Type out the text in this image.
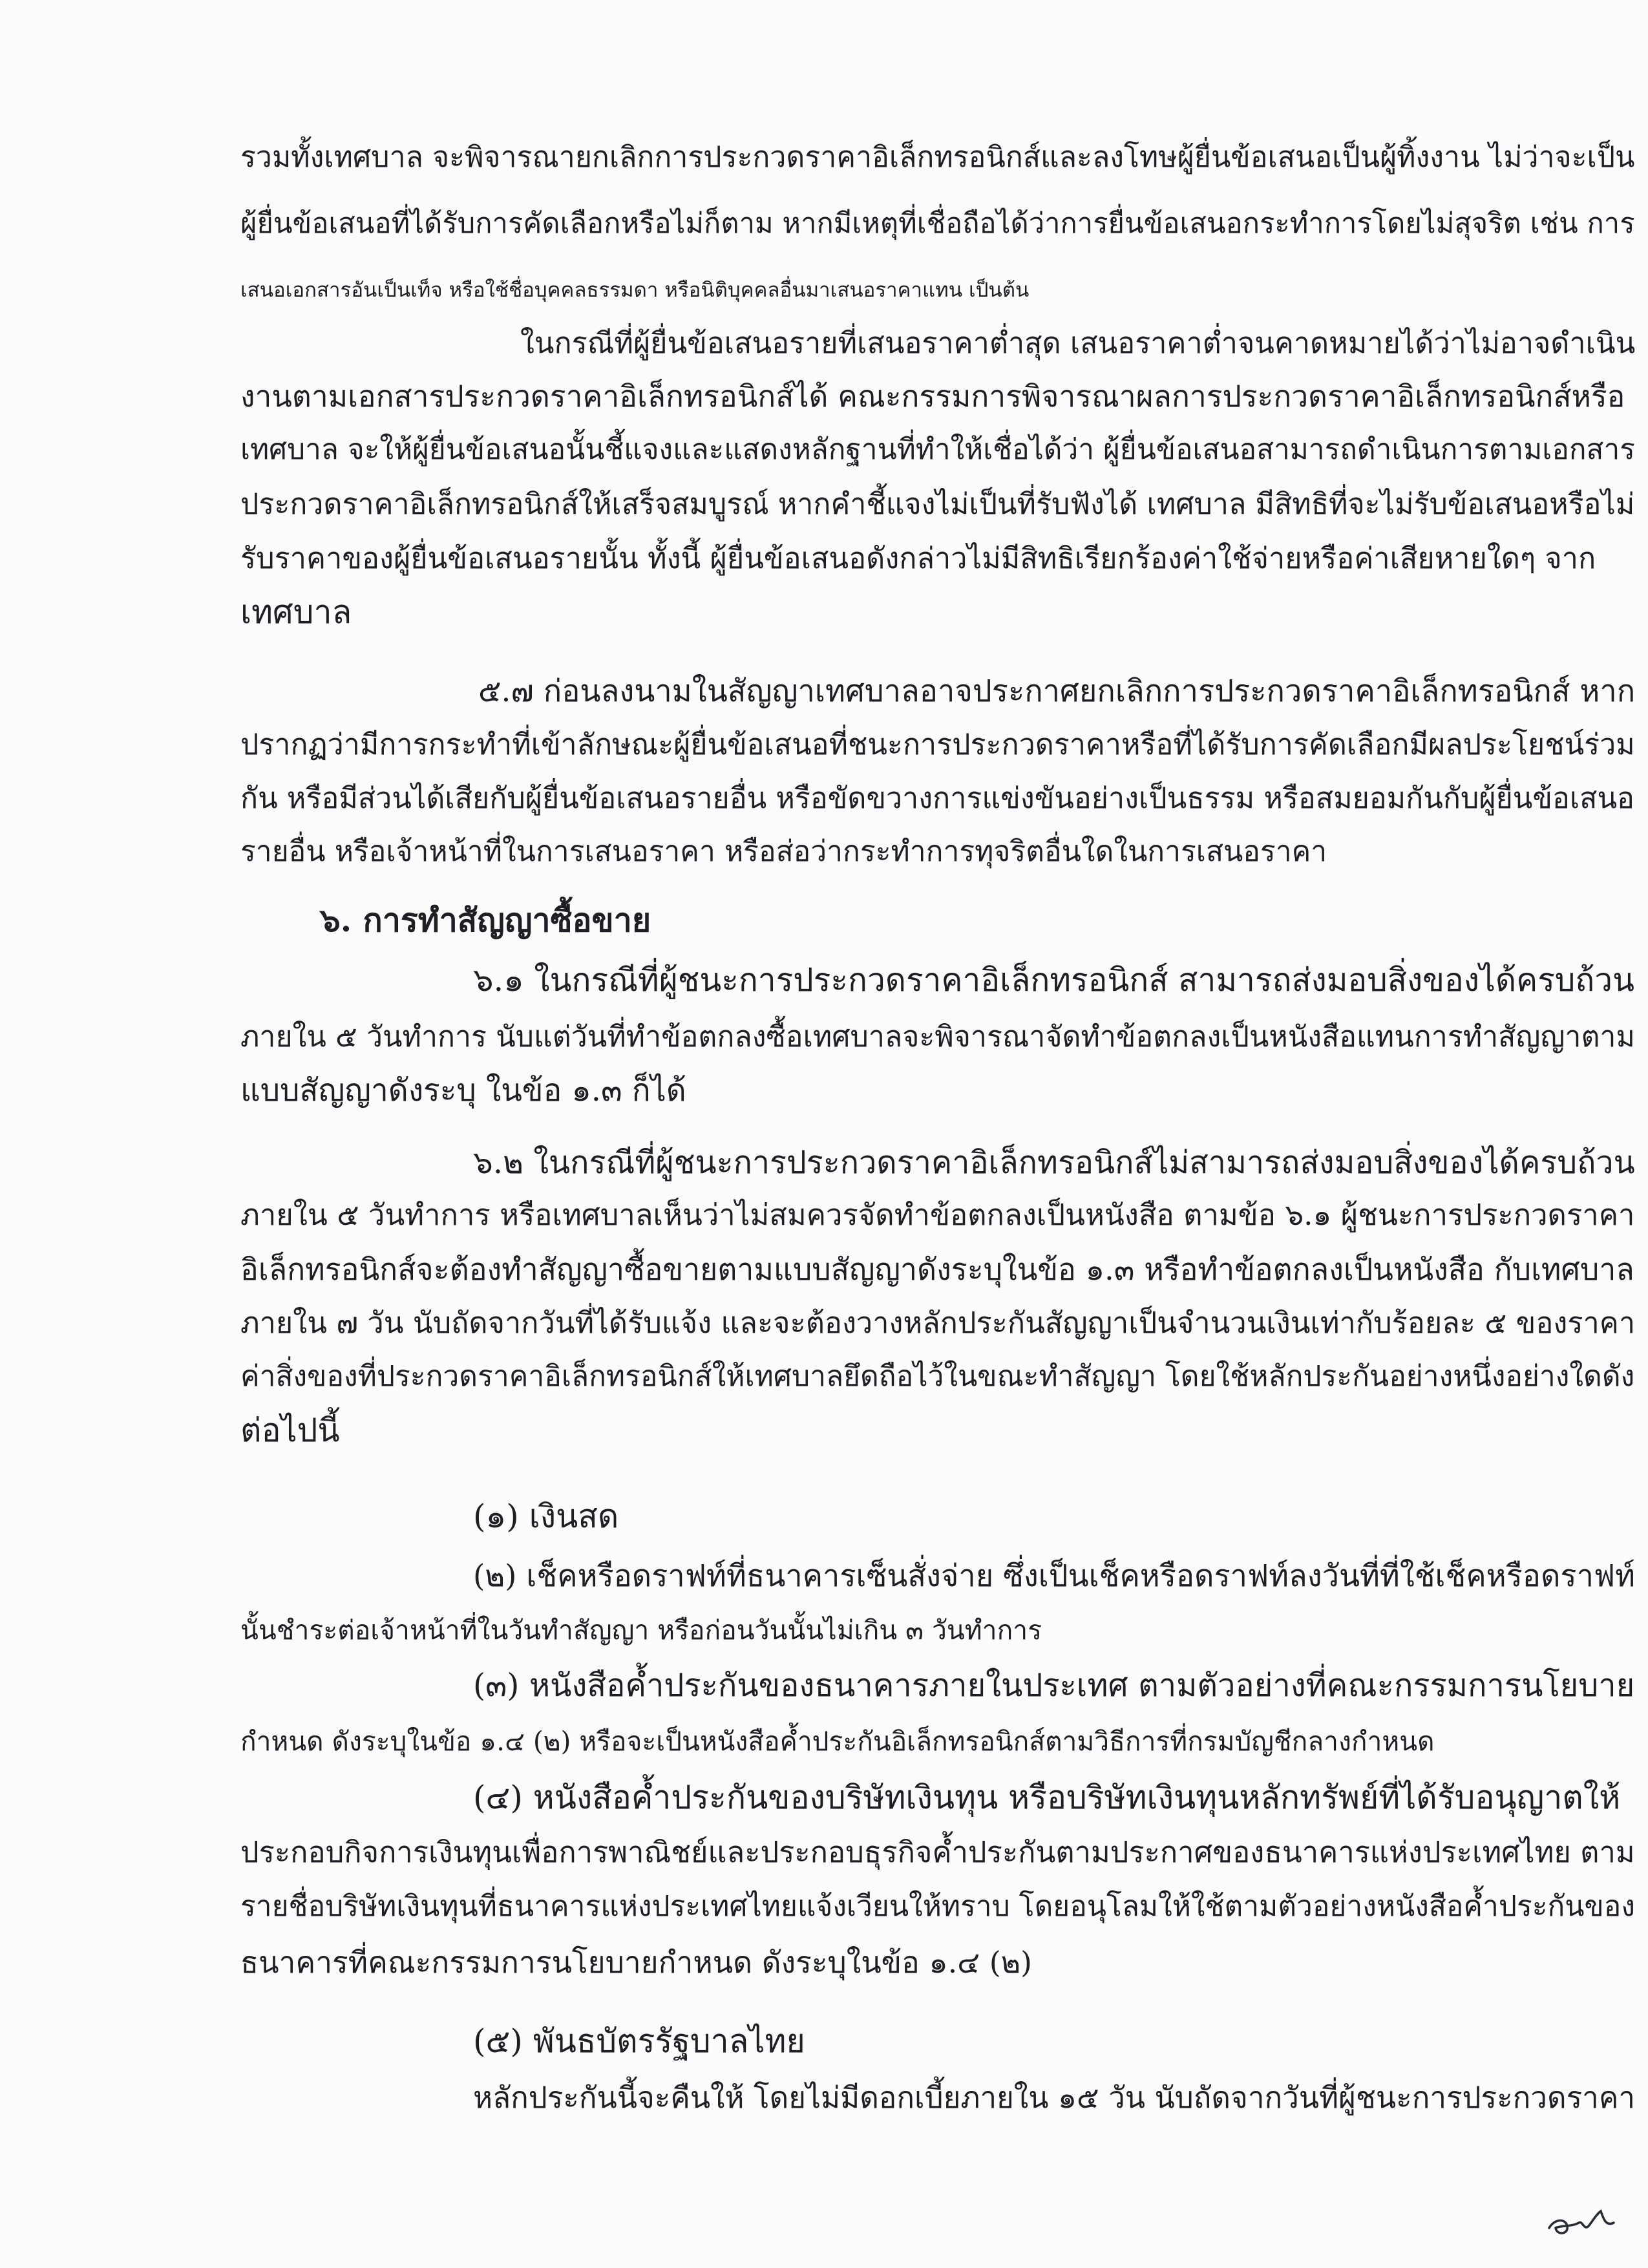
รวมทั้งเทศบาล จะพิจารณายกเลิกการประกวดราคาอิเล็กทรอนิกส์และลงโทษผู้ยื่นข้อเสนอเป็นผู้ทิ้งงาน ไม่ว่าจะเป็น
ผู้ยื่นข้อเสนอที่ได้รับการคัดเลือกหรือไม่ก็ตาม หากมีเหตุที่เชื่อถือได้ว่าการยื่นข้อเสนอกระทำการโดยไม่สุจริต เช่น การ
เสนอเอกสารอันเป็นเท็จ หรือใช้ชื่อบุคคลธรรมดา หรือนิติบุคคลอื่นมาเสนอราคาแทน เป็นต้น
ในกรณีที่ผู้ยื่นข้อเสนอรายที่เสนอราคาต่ำสุด เสนอราคาต่ำจนคาดหมายได้ว่าไม่อาจดำเนิน
งานตามเอกสารประกวดราคาอิเล็กทรอนิกส์ได้ คณะกรรมการพิจารณาผลการประกวดราคาอิเล็กทรอนิกส์หรือ
เทศบาล จะให้ผู้ยื่นข้อเสนอนั้นชี้แจงและแสดงหลักฐานที่ทำให้เชื่อได้ว่า ผู้ยื่นข้อเสนอสามารถดำเนินการตามเอกสาร
ประกวดราคาอิเล็กทรอนิกส์ให้เสร็จสมบูรณ์ หากคำชี้แจงไม่เป็นที่รับฟังได้ เทศบาล มีสิทธิที่จะไม่รับข้อเสนอหรือไม่
รับราคาของผู้ยื่นข้อเสนอรายนั้น ทั้งนี้ ผู้ยื่นข้อเสนอดังกล่าวไม่มีสิทธิเรียกร้องค่าใช้จ่ายหรือค่าเสียหายใดๆ จาก
เทศบาล
๕.๗ ก่อนลงนามในสัญญาเทศบาลอาจประกาศยกเลิกการประกวดราคาอิเล็กทรอนิกส์ หาก
ปรากฏว่ามีการกระทำที่เข้าลักษณะผู้ยื่นข้อเสนอที่ชนะการประกวดราคาหรือที่ได้รับการคัดเลือกมีผลประโยชน์ร่วม
กัน หรือมีส่วนได้เสียกับผู้ยื่นข้อเสนอรายอื่น หรือขัดขวางการแข่งขันอย่างเป็นธรรม หรือสมยอมกันกับผู้ยื่นข้อเสนอ
รายอื่น หรือเจ้าหน้าที่ในการเสนอราคา หรือส่อว่ากระทำการทุจริตอื่นใดในการเสนอราคา
๖. การทำสัญญาซื้อขาย
๖.๑ ในกรณีที่ผู้ชนะการประกวดราคาอิเล็กทรอนิกส์ สามารถส่งมอบสิ่งของได้ครบถ้วน
ภายใน ๕ วันทำการ นับแต่วันที่ทำข้อตกลงซื้อเทศบาลจะพิจารณาจัดทำข้อตกลงเป็นหนังสือแทนการทำสัญญาตาม
แบบสัญญาดังระบุ ในข้อ ๑.๓ ก็ได้
๖.๒ ในกรณีที่ผู้ชนะการประกวดราคาอิเล็กทรอนิกส์ไม่สามารถส่งมอบสิ่งของได้ครบถ้วน
ภายใน ๕ วันทำการ หรือเทศบาลเห็นว่าไม่สมควรจัดทำข้อตกลงเป็นหนังสือ ตามข้อ ๖.๑ ผู้ชนะการประกวดราคา
อิเล็กทรอนิกส์จะต้องทำสัญญาซื้อขายตามแบบสัญญาดังระบุในข้อ ๑.๓ หรือทำข้อตกลงเป็นหนังสือ กับเทศบาล
ภายใน ๗ วัน นับถัดจากวันที่ได้รับแจ้ง และจะต้องวางหลักประกันสัญญาเป็นจำนวนเงินเท่ากับร้อยละ ๕ ของราคา
ค่าสิ่งของที่ประกวดราคาอิเล็กทรอนิกส์ให้เทศบาลยึดถือไว้ในขณะทำสัญญา โดยใช้หลักประกันอย่างหนึ่งอย่างใดดัง
ต่อไปนี้
(๑) เงินสด
(๒) เช็คหรือดราฟท์ที่ธนาคารเซ็นสั่งจ่าย ซึ่งเป็นเช็คหรือดราฟท์ลงวันที่ที่ใช้เช็คหรือดราฟท์
นั้นชำระต่อเจ้าหน้าที่ในวันทำสัญญา หรือก่อนวันนั้นไม่เกิน ๓ วันทำการ
(๓) หนังสือค้ำประกันของธนาคารภายในประเทศ ตามตัวอย่างที่คณะกรรมการนโยบาย
กำหนด ดังระบุในข้อ ๑.๔ (๒) หรือจะเป็นหนังสือค้ำประกันอิเล็กทรอนิกส์ตามวิธีการที่กรมบัญชีกลางกำหนด
(๔) หนังสือค้ำประกันของบริษัทเงินทุน หรือบริษัทเงินทุนหลักทรัพย์ที่ได้รับอนุญาตให้
ประกอบกิจการเงินทุนเพื่อการพาณิชย์และประกอบธุรกิจค้ำประกันตามประกาศของธนาคารแห่งประเทศไทย ตาม
รายชื่อบริษัทเงินทุนที่ธนาคารแห่งประเทศไทยแจ้งเวียนให้ทราบ โดยอนุโลมให้ใช้ตามตัวอย่างหนังสือค้ำประกันของ
ธนาคารที่คณะกรรมการนโยบายกำหนด ดังระบุในข้อ ๑.๔ (๒)
(๕) พันธบัตรรัฐบาลไทย
หลักประกันนี้จะคืนให้ โดยไม่มีดอกเบี้ยภายใน ๑๕ วัน นับถัดจากวันที่ผู้ชนะการประกวดราคา
